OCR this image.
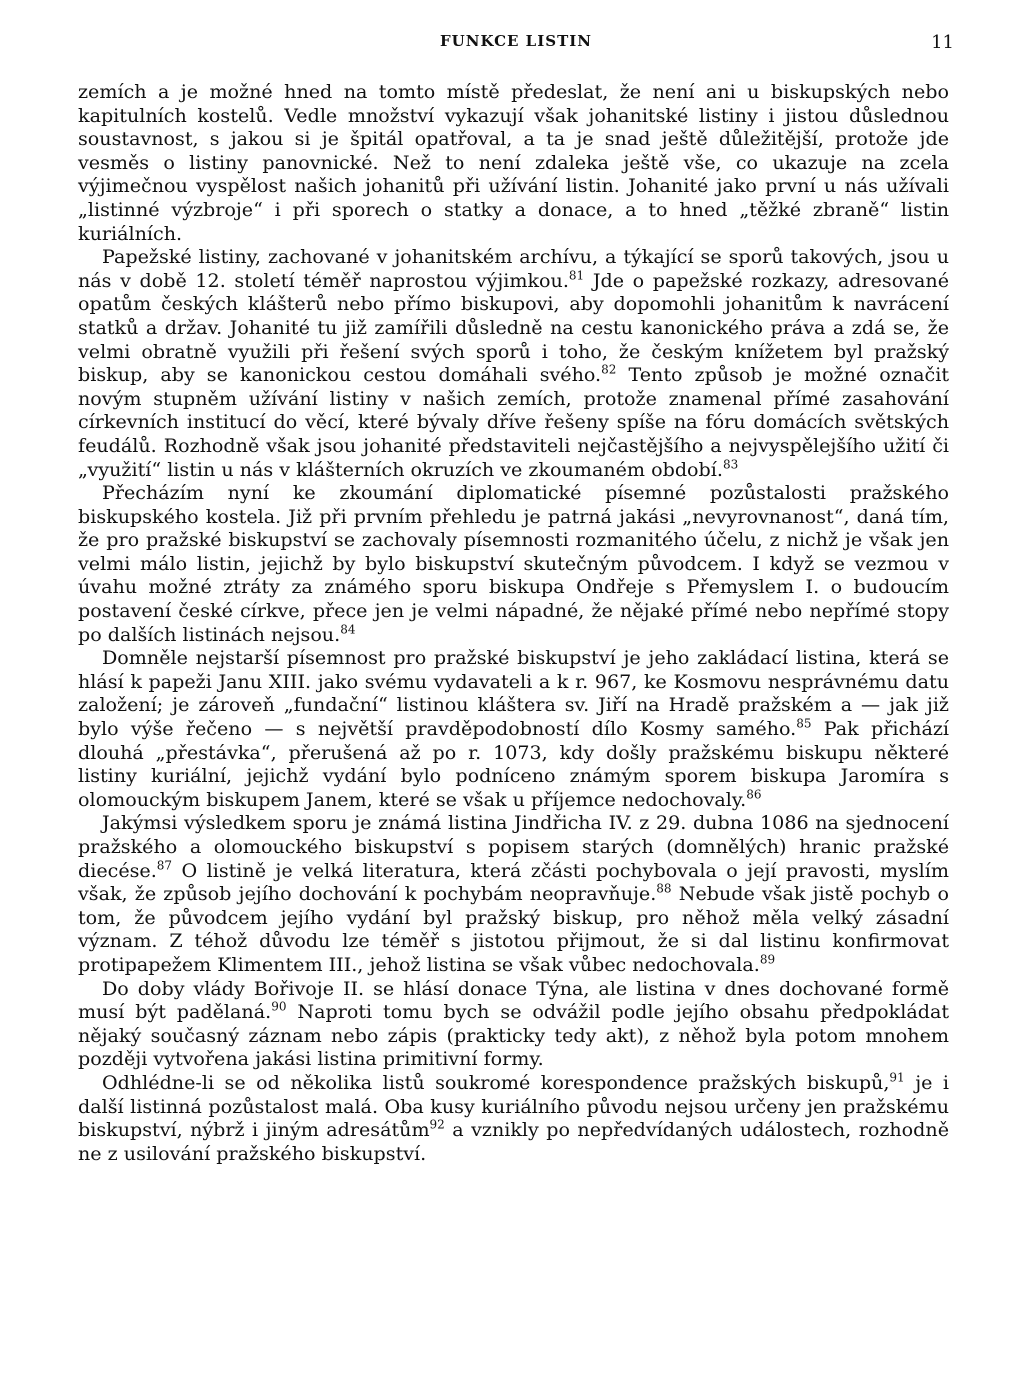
FUNKCE LISTIN	11

zemích a je možné hned na tomto místě předeslat, že není ani u biskupských nebo kapitulních kostelů. Vedle množství vykazují však johanitské listiny i jistou důslednou soustavnost, s jakou si je špitál opatřoval, a ta je snad ještě důležitější, protože jde vesměs o listiny panovnické. Než to není zdaleka ještě vše, co ukazuje na zcela výjimečnou vyspělost našich johanitů při užívání listin. Johanité jako první u nás užívali „listinné výzbroje“ i při sporech o statky a donace, a to hned „těžké zbraně“ listin kuriálních.

Papežské listiny, zachované v johanitském archívu, a týkající se sporů takových, jsou u nás v době 12. století téměř naprostou výjimkou.$^{81}$ Jde o papežské rozkazy, adresované opatům českých klášterů nebo přímo biskupovi, aby dopomohli johanitům k navrácení statků a držav. Johanité tu již zamířili důsledně na cestu kanonického práva a zdá se, že velmi obratně využili při řešení svých sporů i toho, že českým knížetem byl pražský biskup, aby se kanonickou cestou domáhali svého.$^{82}$ Tento způsob je možné označit novým stupněm užívání listiny v našich zemích, protože znamenal přímé zasahování církevních institucí do věcí, které bývaly dříve řešeny spíše na fóru domácích světských feudálů. Rozhodně však jsou johanité představiteli nejčastějšího a nejvyspělejšího užití či „využití“ listin u nás v klášterních okruzích ve zkoumaném období.$^{83}$

Přecházím nyní ke zkoumání diplomatické písemné pozůstalosti pražského biskupského kostela. Již při prvním přehledu je patrná jakási „nevyrovnanost“, daná tím, že pro pražské biskupství se zachovaly písemnosti rozmanitého účelu, z nichž je však jen velmi málo listin, jejichž by bylo biskupství skutečným původcem. I když se vezmou v úvahu možné ztráty za známého sporu biskupa Ondřeje s Přemyslem I. o budoucím postavení české církve, přece jen je velmi nápadné, že nějaké přímé nebo nepřímé stopy po dalších listinách nejsou.$^{84}$

Domněle nejstarší písemnost pro pražské biskupství je jeho zakládací listina, která se hlásí k papeži Janu XIII. jako svému vydavateli a k r. 967, ke Kosmovu nesprávnému datu založení; je zároveň „fundační“ listinou kláštera sv. Jiří na Hradě pražském a — jak již bylo výše řečeno — s největší pravděpodobností dílo Kosmy samého.$^{85}$ Pak přichází dlouhá „přestávka“, přerušená až po r. 1073, kdy došly pražskému biskupu některé listiny kuriální, jejichž vydání bylo podníceno známým sporem biskupa Jaromíra s olomouckým biskupem Janem, které se však u příjemce nedochovaly.$^{86}$

Jakýmsi výsledkem sporu je známá listina Jindřicha IV. z 29. dubna 1086 na sjednocení pražského a olomouckého biskupství s popisem starých (domnělých) hranic pražské diecése.$^{87}$ O listině je velká literatura, která zčásti pochybovala o její pravosti, myslím však, že způsob jejího dochování k pochybám neopravňuje.$^{88}$ Nebude však jistě pochyb o tom, že původcem jejího vydání byl pražský biskup, pro něhož měla velký zásadní význam. Z téhož důvodu lze téměř s jistotou přijmout, že si dal listinu konfirmovat protipapežem Klimentem III., jehož listina se však vůbec nedochovala.$^{89}$

Do doby vlády Bořivoje II. se hlásí donace Týna, ale listina v dnes dochované formě musí být padělaná.$^{90}$ Naproti tomu bych se odvážil podle jejího obsahu předpokládat nějaký současný záznam nebo zápis (prakticky tedy akt), z něhož byla potom mnohem později vytvořena jakási listina primitivní formy.

Odhlédne-li se od několika listů soukromé korespondence pražských biskupů,$^{91}$ je i další listinná pozůstalost malá. Oba kusy kuriálního původu nejsou určeny jen pražskému biskupství, nýbrž i jiným adresátům$^{92}$ a vznikly po nepředvídaných událostech, rozhodně ne z usilování pražského biskupství.
